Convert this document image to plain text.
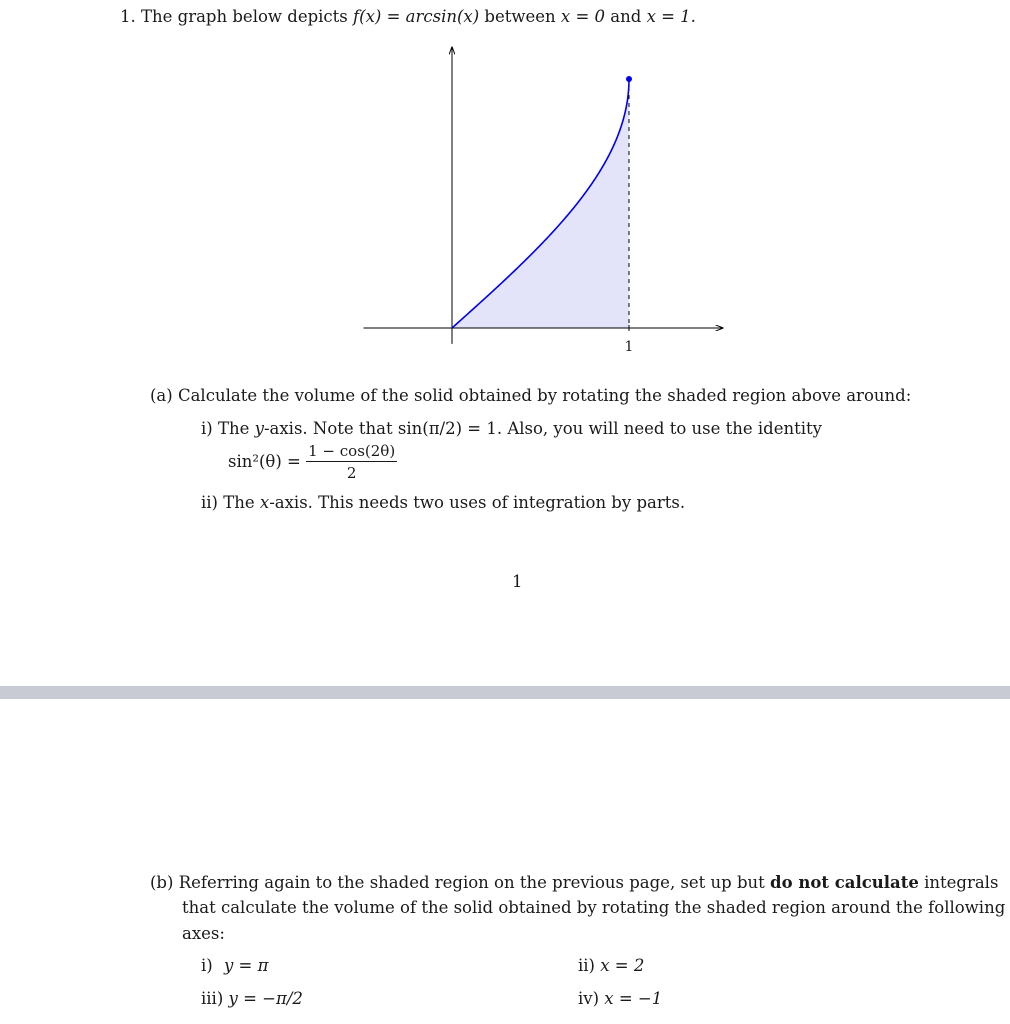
1. The graph below depicts f(x) = arcsin(x) between x = 0 and x = 1.
1
(a) Calculate the volume of the solid obtained by rotating the shaded region above around:
i) The y-axis. Note that sin(π/2) = 1. Also, you will need to use the identity
$\sin^2(\theta) = \frac{1 - \cos(2\theta)}{2}$
ii) The x-axis. This needs two uses of integration by parts.
1
(b) Referring again to the shaded region on the previous page, set up but do not calculate integrals
that calculate the volume of the solid obtained by rotating the shaded region around the following
axes:
i) y = π	ii) x = 2
iii) y = −π/2	iv) x = −1
